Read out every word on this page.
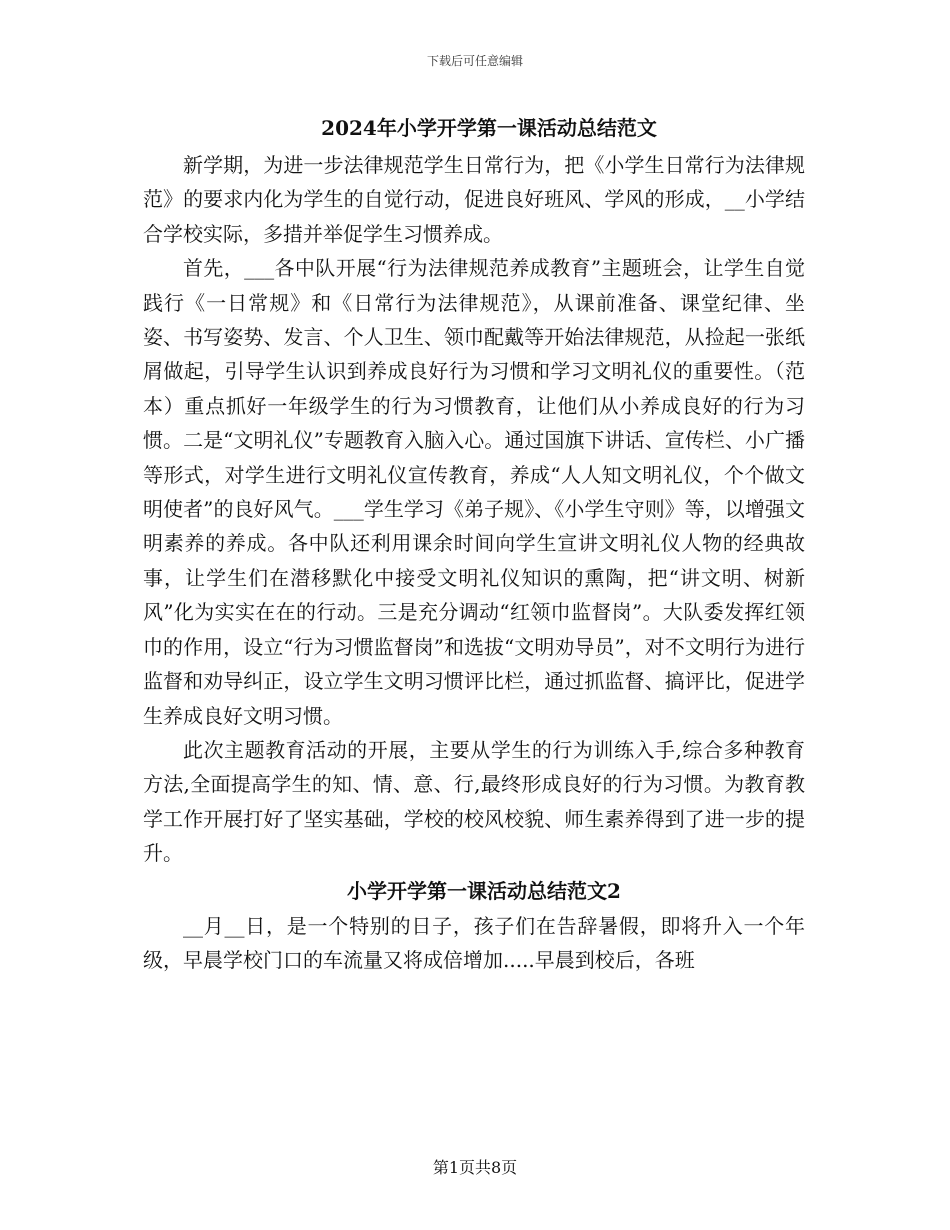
下载后可任意编辑
2024年小学开学第一课活动总结范文

新学期，为进一步法律规范学生日常行为，把《小学生日常行为法律规范》的要求内化为学生的自觉行动，促进良好班风、学风的形成，__小学结合学校实际，多措并举促学生习惯养成。

首先，___各中队开展“行为法律规范养成教育”主题班会，让学生自觉践行《一日常规》和《日常行为法律规范》，从课前准备、课堂纪律、坐姿、书写姿势、发言、个人卫生、领巾配戴等开始法律规范，从捡起一张纸屑做起，引导学生认识到养成良好行为习惯和学习文明礼仪的重要性。（范本）重点抓好一年级学生的行为习惯教育，让他们从小养成良好的行为习惯。二是“文明礼仪”专题教育入脑入心。通过国旗下讲话、宣传栏、小广播等形式，对学生进行文明礼仪宣传教育，养成“人人知文明礼仪，个个做文明使者”的良好风气。___学生学习《弟子规》、《小学生守则》等，以增强文明素养的养成。各中队还利用课余时间向学生宣讲文明礼仪人物的经典故事，让学生们在潜移默化中接受文明礼仪知识的熏陶，把“讲文明、树新风”化为实实在在的行动。三是充分调动“红领巾监督岗”。大队委发挥红领巾的作用，设立“行为习惯监督岗”和选拔“文明劝导员”，对不文明行为进行监督和劝导纠正，设立学生文明习惯评比栏，通过抓监督、搞评比，促进学生养成良好文明习惯。

此次主题教育活动的开展，主要从学生的行为训练入手,综合多种教育方法,全面提高学生的知、情、意、行,最终形成良好的行为习惯。为教育教学工作开展打好了坚实基础，学校的校风校貌、师生素养得到了进一步的提升。

小学开学第一课活动总结范文2

__月__日，是一个特别的日子，孩子们在告辞暑假，即将升入一个年级，早晨学校门口的车流量又将成倍增加.....早晨到校后，各班

第1页共8页
